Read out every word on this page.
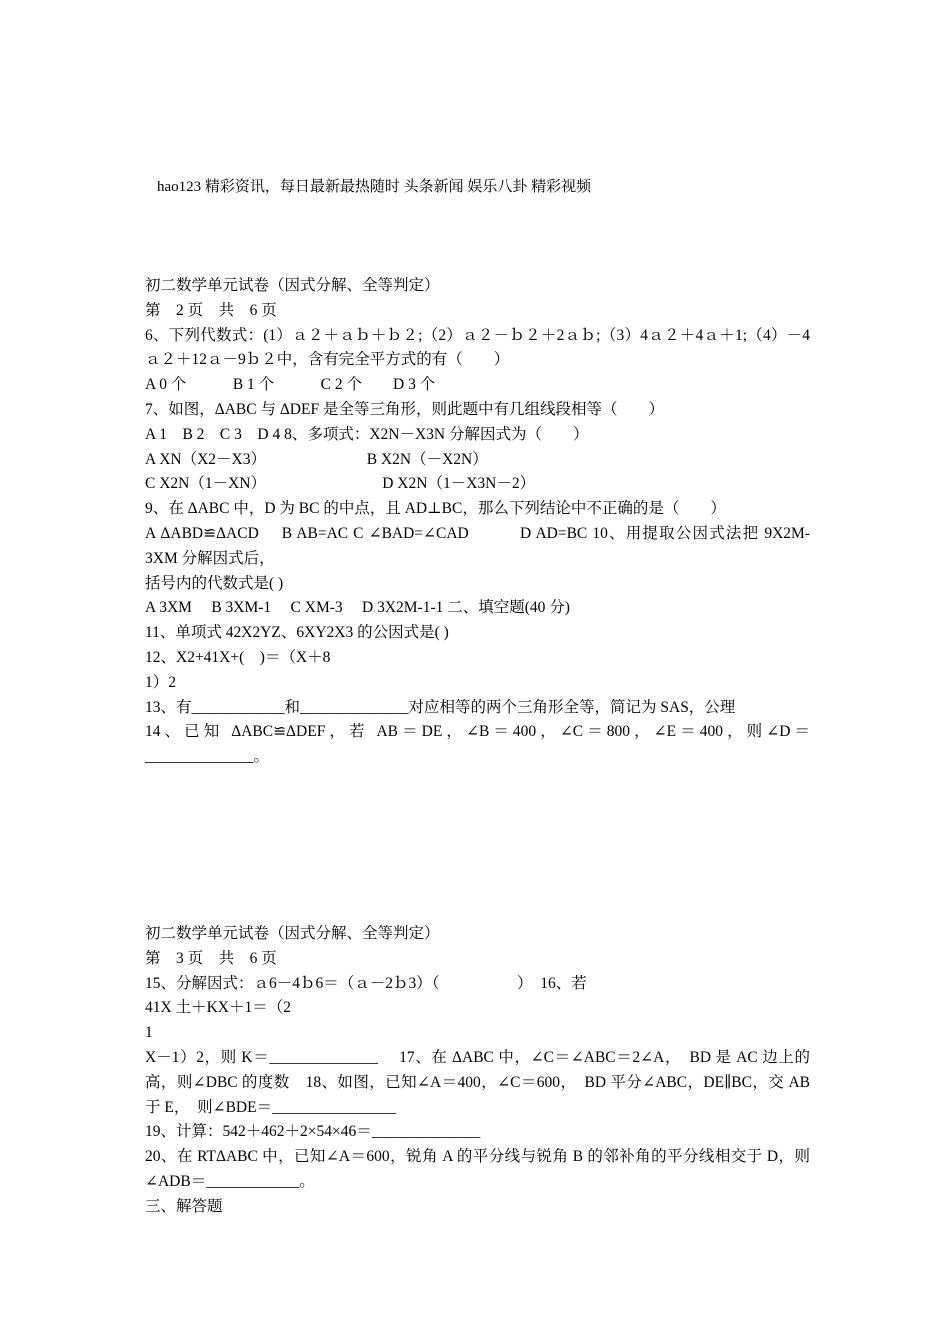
hao123 精彩资讯，每日最新最热随时 头条新闻 娱乐八卦 精彩视频

初二数学单元试卷（因式分解、全等判定）

第　2 页　共　6 页

6、下列代数式：(1）ａ２＋ａｂ＋ｂ２;（2）ａ２－ｂ２＋2ａｂ;（3）4ａ２＋4ａ＋1;（4）－4ａ２＋12ａ－9ｂ２中，含有完全平方式的有（　　）

A 0 个　　　B 1 个　　　C 2 个　　D 3 个

7、如图，ΔABC 与 ΔDEF 是全等三角形，则此题中有几组线段相等（　　）

A 1　B 2　C 3　D 4 8、多项式：X2N－X3N 分解因式为（　　）

A XN（X2－X3）　　　　　　　B X2N（－X2N）

C X2N（1－XN）　　　　　　　　D X2N（1－X3N－2）

9、在 ΔABC 中，D 为 BC 的中点，且 AD⊥BC，那么下列结论中不正确的是（　　）

A ΔABD≌ΔACD　 B AB=AC C ∠BAD=∠CAD　　　D AD=BC 10、用提取公因式法把 9X2M-3XM 分解因式后，

括号内的代数式是( )

A 3XM　 B 3XM-1　 C XM-3　 D 3X2M-1-1 二、填空题(40 分)

11、单项式 42X2YZ、6XY2X3 的公因式是( )

12、X2+41X+(　)＝（X＋8

1）2

13、有____________和______________对应相等的两个三角形全等，简记为 SAS，公理

14、已知 ΔABC≌ΔDEF，若 AB＝DE，∠B＝400，∠C＝800，∠E＝400，则∠D＝______________。

初二数学单元试卷（因式分解、全等判定）

第　3 页　共　6 页

15、分解因式：ａ6－4ｂ6＝（ａ－2ｂ3）（　　　　　）　16、若

41X 土＋KX＋1＝（2

1

X－1）2，则 K＝______________　 17、在 ΔABC 中，∠C＝∠ABC＝2∠A，　BD 是 AC 边上的高，则∠DBC 的度数　18、如图，已知∠A＝400，∠C＝600，　BD 平分∠ABC，DE∥BC，交 AB 于 E，　则∠BDE＝________________

19、计算：542＋462＋2×54×46＝______________

20、在 RTΔABC 中，已知∠A＝600，锐角 A 的平分线与锐角 B 的邻补角的平分线相交于 D，则∠ADB＝____________。

三、解答题
